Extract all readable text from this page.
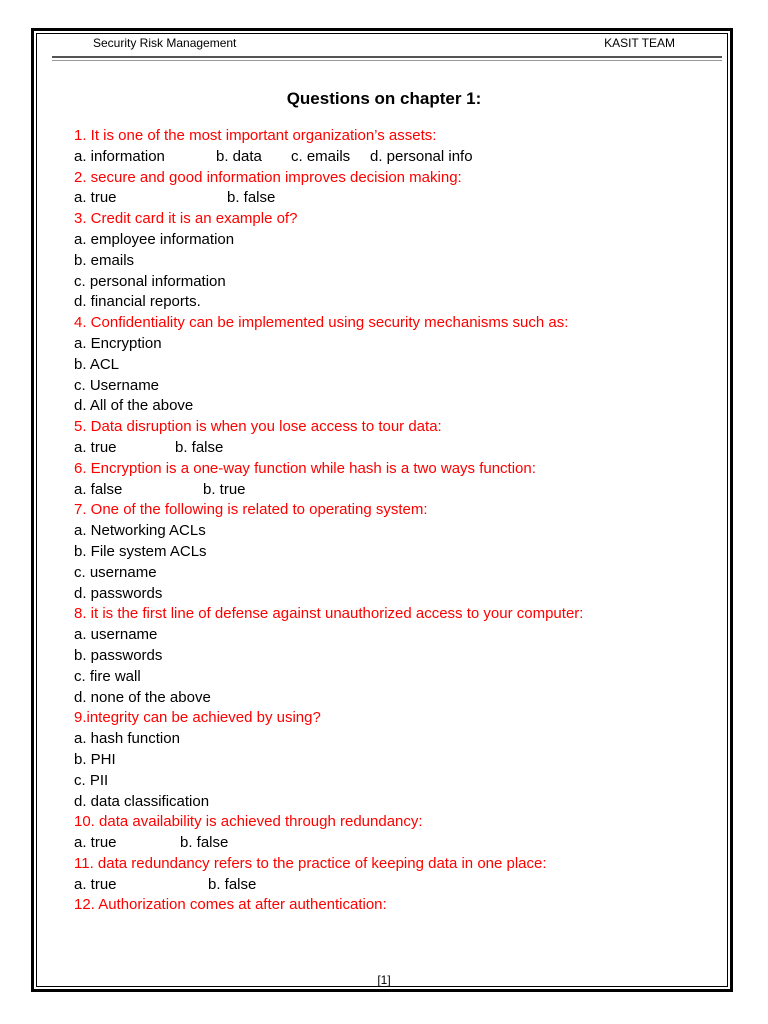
Security Risk Management	KASIT TEAM
Questions on chapter 1:
1. It is one of the most important organization’s assets:
a. information	b. data c. emails d. personal info
2. secure and good information improves decision making:
a. true	b. false
3. Credit card it is an example of?
a. employee information
b. emails
c. personal information
d. financial reports.
4. Confidentiality can be implemented using security mechanisms such as:
a. Encryption
b. ACL
c. Username
d. All of the above
5. Data disruption is when you lose access to tour data:
a. true	b. false
6. Encryption is a one-way function while hash is a two ways function:
a. false	b. true
7. One of the following is related to operating system:
a. Networking ACLs
b. File system ACLs
c. username
d. passwords
8. it is the first line of defense against unauthorized access to your computer:
a. username
b. passwords
c. fire wall
d. none of the above
9.integrity can be achieved by using?
a. hash function
b. PHI
c. PII
d. data classification
10. data availability is achieved through redundancy:
a. true	b. false
11. data redundancy refers to the practice of keeping data in one place:
a. true	b. false
12. Authorization comes at after authentication:
[1]
